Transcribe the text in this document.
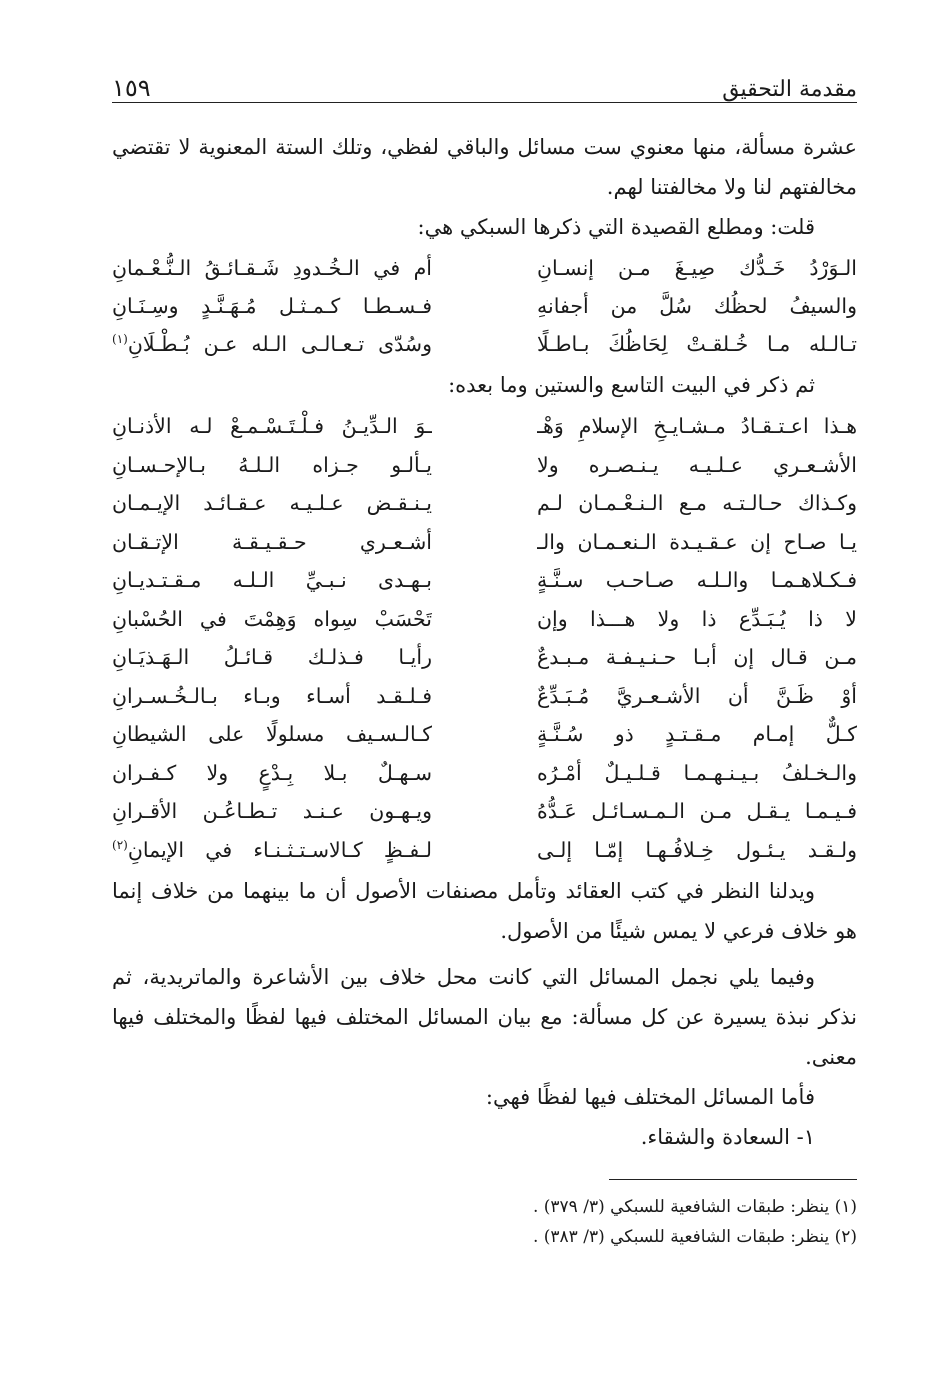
مقدمة التحقيق
١٥٩

عشرة مسألة، منها معنوي ست مسائل والباقي لفظي، وتلك الستة المعنوية لا تقتضي مخالفتهم لنا ولا مخالفتنا لهم.

قلت: ومطلع القصيدة التي ذكرها السبكي هي:

الـوَرْدُ خَـدُّك صِيـغَ مـن إنسـانِ
أم في الـخُـدودِ شَـقـائـقُ الـنُّـعْـمانِ
والسيفُ لحظُك سُلَّ من أجفانهِ
فـسـطـا كـمـثـل مُـهَـنَّـدٍ وسِـنَـانِ
تـالـله مـا خُـلقـتْ لِحَاظُكَ بـاطـلًا
وسُدّى تـعـالـى الـله عـن بُـطْـلَانِ$^{(١)}$

ثم ذكر في البيت التاسع والستين وما بعده:

هـذا اعـتـقـادُ مـشـايـخِ الإسلامِ وَهْـ
ـوَ الـدِّيـنُ فـلْـتَـسْـمـعْ لـه الأذنـانِ
الأشـعـري عـلـيـه يـنـصـره ولا
يـألـو جـزاه الـلـهُ بـالإحـسـانِ
وكـذاك حـالـتـه مـع الـنـعْـمـان لـم
يـنـقـض عـلـيـه عـقـائـد الإيـمـان
يـا صـاح إن عـقـيـدة الـنعـمـان والـ
أشـعـري حـقـيـقـة الإتـقـان
فـكـلاهـمـا والـلـه صـاحـب سـنَّـةٍ
بـهـدى نـبـيِّ الـلـه مـقـتـديـانِ
لا ذا يُـبَـدِّع ذا ولا هـــذا وإن
تَحْسَبْ سِواه وَهِمْتَ في الحُسْبانِ
مـن قـال إن أبـا حـنـيـفـة مـبـدعٌ
رأيـا فـذلـك قـائـلُ الـهَـذيَـانِ
أوْ ظَـنَّ أن الأشـعـريَّ مُـبَـدِّعٌ
فـلـقـد أسـاء وبـاء بـالـخُـسـرانِ
كـلٌّ إمـام مـقـتـدٍ ذو سُـنَّـةٍ
كـالـسـيف مسلولًا على الشيطانِ
والـخـلفُ بـيـنـهـمـا قـلـيـلٌ أمْـرُه
سـهـلٌ بـلا بِـدْعٍ ولا كـفـران
فـيـمـا يـقـل مـن الـمـسـائـل عَـدُّهُ
ويـهـون عـنـد تـطـاعُـن الأقـرانِ
ولـقـد يـئـول خِـلافُـهـا إمّـا إلـى
لـفـظٍ كـالاسـتـثـنـاء في الإيمانِ$^{(٢)}$

ويدلنا النظر في كتب العقائد وتأمل مصنفات الأصول أن ما بينهما من خلاف إنما هو خلاف فرعي لا يمس شيئًا من الأصول.

وفيما يلي نجمل المسائل التي كانت محل خلاف بين الأشاعرة والماتريدية، ثم نذكر نبذة يسيرة عن كل مسألة: مع بيان المسائل المختلف فيها لفظًا والمختلف فيها معنى.

فأما المسائل المختلف فيها لفظًا فهي:

١- السعادة والشقاء.

(١) ينظر: طبقات الشافعية للسبكي (٣/ ٣٧٩) .

(٢) ينظر: طبقات الشافعية للسبكي (٣/ ٣٨٣) .
